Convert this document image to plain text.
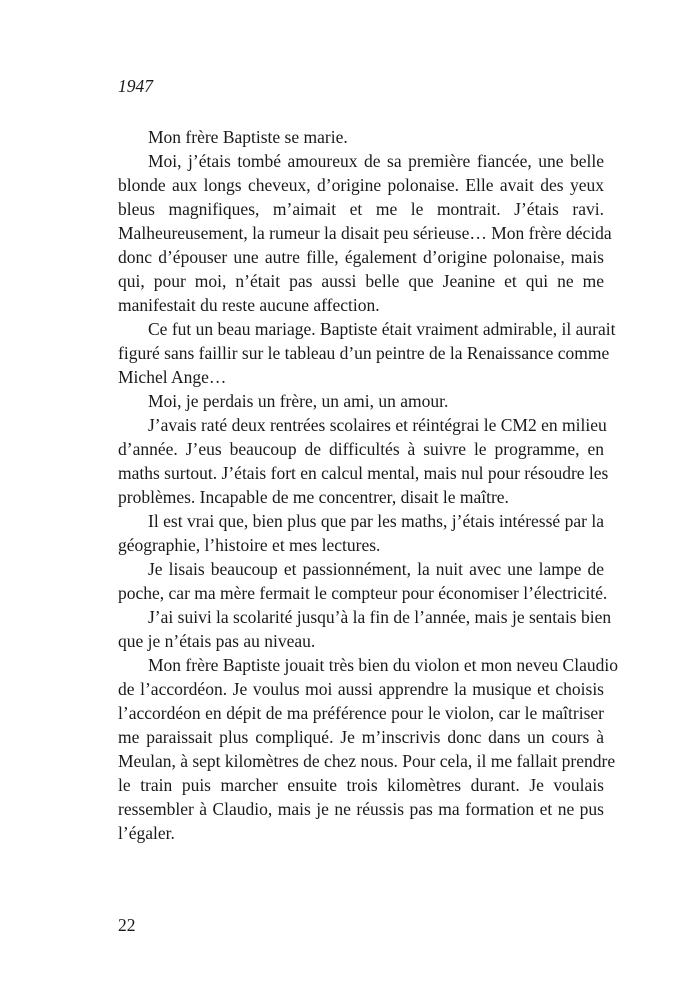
1947
Mon frère Baptiste se marie.
Moi, j’étais tombé amoureux de sa première fiancée, une belle
blonde aux longs cheveux, d’origine polonaise. Elle avait des yeux
bleus magnifiques, m’aimait et me le montrait. J’étais ravi.
Malheureusement, la rumeur la disait peu sérieuse… Mon frère décida
donc d’épouser une autre fille, également d’origine polonaise, mais
qui, pour moi, n’était pas aussi belle que Jeanine et qui ne me
manifestait du reste aucune affection.
Ce fut un beau mariage. Baptiste était vraiment admirable, il aurait
figuré sans faillir sur le tableau d’un peintre de la Renaissance comme
Michel Ange…
Moi, je perdais un frère, un ami, un amour.
J’avais raté deux rentrées scolaires et réintégrai le CM2 en milieu
d’année. J’eus beaucoup de difficultés à suivre le programme, en
maths surtout. J’étais fort en calcul mental, mais nul pour résoudre les
problèmes. Incapable de me concentrer, disait le maître.
Il est vrai que, bien plus que par les maths, j’étais intéressé par la
géographie, l’histoire et mes lectures.
Je lisais beaucoup et passionnément, la nuit avec une lampe de
poche, car ma mère fermait le compteur pour économiser l’électricité.
J’ai suivi la scolarité jusqu’à la fin de l’année, mais je sentais bien
que je n’étais pas au niveau.
Mon frère Baptiste jouait très bien du violon et mon neveu Claudio
de l’accordéon. Je voulus moi aussi apprendre la musique et choisis
l’accordéon en dépit de ma préférence pour le violon, car le maîtriser
me paraissait plus compliqué. Je m’inscrivis donc dans un cours à
Meulan, à sept kilomètres de chez nous. Pour cela, il me fallait prendre
le train puis marcher ensuite trois kilomètres durant. Je voulais
ressembler à Claudio, mais je ne réussis pas ma formation et ne pus
l’égaler.
22
